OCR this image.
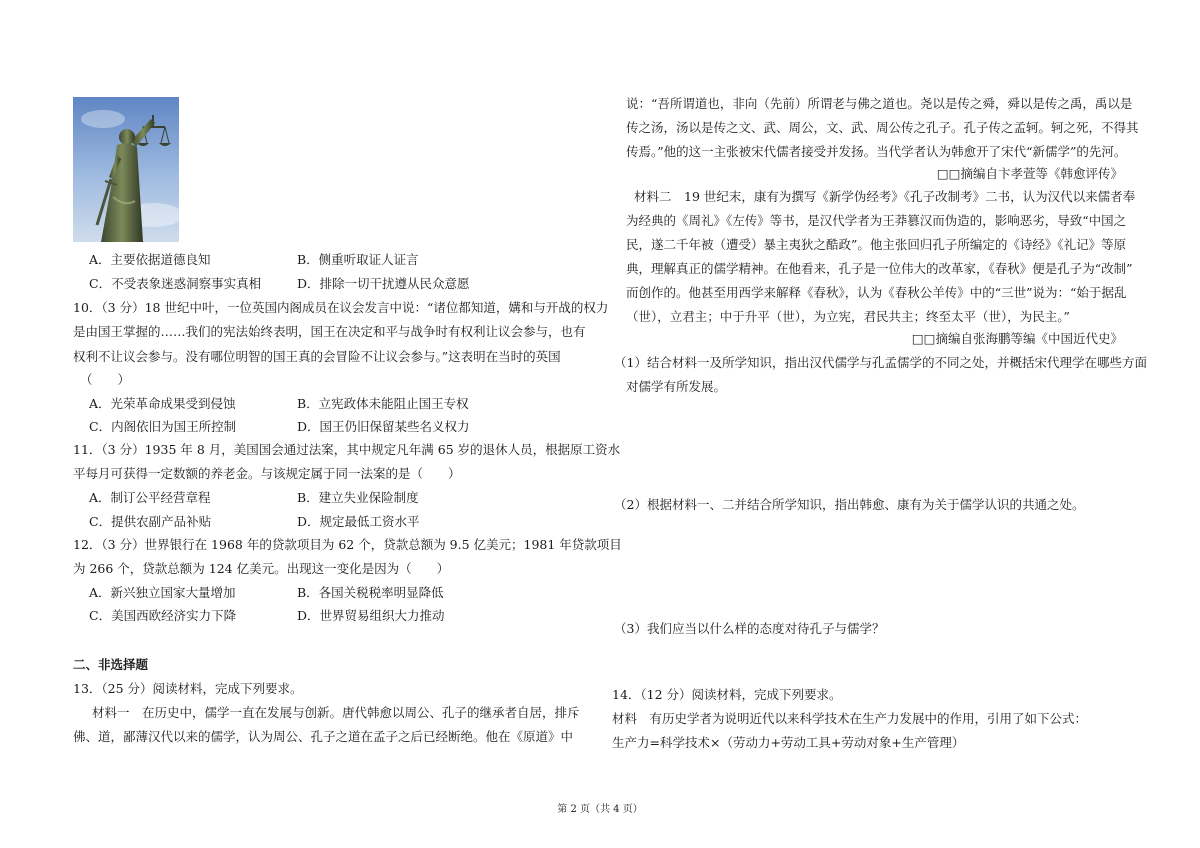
A．主要依据道德良知	B．侧重听取证人证言
C．不受表象迷惑洞察事实真相	D．排除一切干扰遵从民众意愿
10．（3 分）18 世纪中叶，一位英国内阁成员在议会发言中说：“诸位都知道，媾和与开战的权力
是由国王掌握的……我们的宪法始终表明，国王在决定和平与战争时有权利让议会参与，也有
权利不让议会参与。没有哪位明智的国王真的会冒险不让议会参与。”这表明在当时的英国
（　　）
A．光荣革命成果受到侵蚀	B．立宪政体未能阻止国王专权
C．内阁依旧为国王所控制	D．国王仍旧保留某些名义权力
11．（3 分）1935 年 8 月，美国国会通过法案，其中规定凡年满 65 岁的退休人员，根据原工资水
平每月可获得一定数额的养老金。与该规定属于同一法案的是（　　）
A．制订公平经营章程	B．建立失业保险制度
C．提供农副产品补贴	D．规定最低工资水平
12．（3 分）世界银行在 1968 年的贷款项目为 62 个，贷款总额为 9.5 亿美元；1981 年贷款项目
为 266 个，贷款总额为 124 亿美元。出现这一变化是因为（　　）
A．新兴独立国家大量增加	B．各国关税税率明显降低
C．美国西欧经济实力下降	D．世界贸易组织大力推动
二、非选择题
13．（25 分）阅读材料，完成下列要求。
材料一　在历史中，儒学一直在发展与创新。唐代韩愈以周公、孔子的继承者自居，排斥
佛、道，鄙薄汉代以来的儒学，认为周公、孔子之道在孟子之后已经断绝。他在《原道》中
说：“吾所谓道也，非向（先前）所谓老与佛之道也。尧以是传之舜，舜以是传之禹，禹以是
传之汤，汤以是传之文、武、周公，文、武、周公传之孔子。孔子传之孟轲。轲之死，不得其
传焉。”他的这一主张被宋代儒者接受并发扬。当代学者认为韩愈开了宋代“新儒学”的先河。
□□摘编自卞孝萱等《韩愈评传》
材料二　19 世纪末，康有为撰写《新学伪经考》《孔子改制考》二书，认为汉代以来儒者奉
为经典的《周礼》《左传》等书，是汉代学者为王莽篡汉而伪造的，影响恶劣，导致“中国之
民，遂二千年被（遭受）暴主夷狄之酷政”。他主张回归孔子所编定的《诗经》《礼记》等原
典，理解真正的儒学精神。在他看来，孔子是一位伟大的改革家，《春秋》便是孔子为“改制”
而创作的。他甚至用西学来解释《春秋》，认为《春秋公羊传》中的“三世”说为：“始于据乱
（世），立君主；中于升平（世），为立宪，君民共主；终至太平（世），为民主。”
□□摘编自张海鹏等编《中国近代史》
（1）结合材料一及所学知识，指出汉代儒学与孔孟儒学的不同之处，并概括宋代理学在哪些方面
对儒学有所发展。
（2）根据材料一、二并结合所学知识，指出韩愈、康有为关于儒学认识的共通之处。
（3）我们应当以什么样的态度对待孔子与儒学？
14．（12 分）阅读材料，完成下列要求。
材料　有历史学者为说明近代以来科学技术在生产力发展中的作用，引用了如下公式：
生产力=科学技术×（劳动力+劳动工具+劳动对象+生产管理）
第 2 页（共 4 页）
